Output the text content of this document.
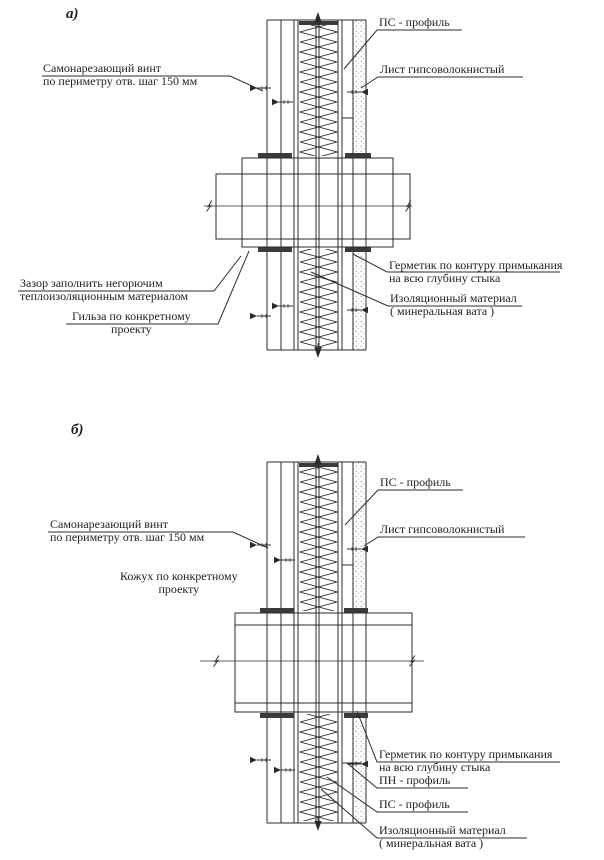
а)
Самонарезающий винт
по периметру отв. шаг 150 мм
ПС - профиль
Лист гипсоволокнистый
Зазор заполнить негорючим
теплоизоляционным материалом
Гильза по конкретному
проекту
Герметик по контуру примыкания
на всю глубину стыка
Изоляционный материал
( минеральная вата )
б)
Самонарезающий винт
по периметру отв. шаг 150 мм
Кожух по конкретному
проекту
ПС - профиль
Лист гипсоволокнистый
Герметик по контуру примыкания
на всю глубину стыка
ПН - профиль
ПС - профиль
Изоляционный материал
( минеральная вата )
